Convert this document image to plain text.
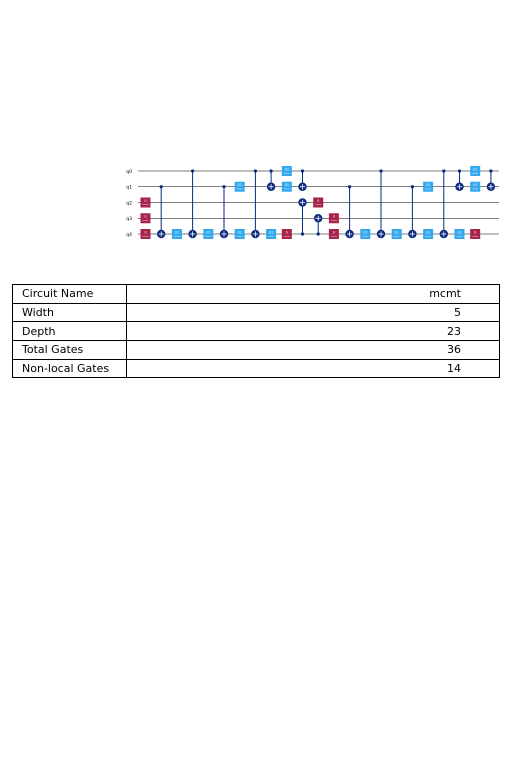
q0
q1
q2
q3
q4
U
U
U	U1	U1
U1
U1	U1
U1
U1
U
U
U
U	U1	U1
U1
U1	U1
U1
U1
U
Circuit Name	mcmt
Width	5
Depth	23
Total Gates	36
Non-local Gates	14
